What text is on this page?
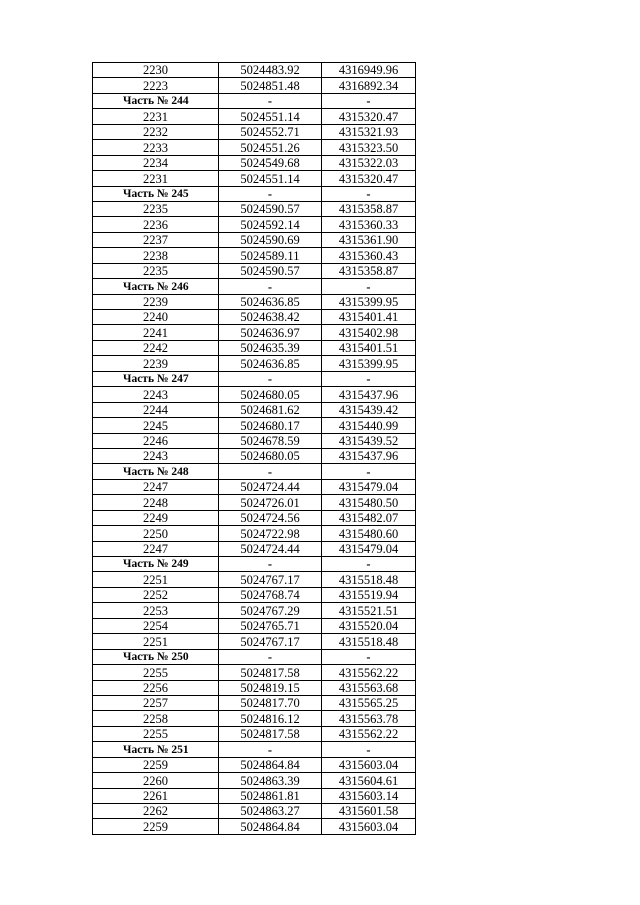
2230	5024483.92	4316949.96
2223	5024851.48	4316892.34
Часть № 244	-	-
2231	5024551.14	4315320.47
2232	5024552.71	4315321.93
2233	5024551.26	4315323.50
2234	5024549.68	4315322.03
2231	5024551.14	4315320.47
Часть № 245	-	-
2235	5024590.57	4315358.87
2236	5024592.14	4315360.33
2237	5024590.69	4315361.90
2238	5024589.11	4315360.43
2235	5024590.57	4315358.87
Часть № 246	-	-
2239	5024636.85	4315399.95
2240	5024638.42	4315401.41
2241	5024636.97	4315402.98
2242	5024635.39	4315401.51
2239	5024636.85	4315399.95
Часть № 247	-	-
2243	5024680.05	4315437.96
2244	5024681.62	4315439.42
2245	5024680.17	4315440.99
2246	5024678.59	4315439.52
2243	5024680.05	4315437.96
Часть № 248	-	-
2247	5024724.44	4315479.04
2248	5024726.01	4315480.50
2249	5024724.56	4315482.07
2250	5024722.98	4315480.60
2247	5024724.44	4315479.04
Часть № 249	-	-
2251	5024767.17	4315518.48
2252	5024768.74	4315519.94
2253	5024767.29	4315521.51
2254	5024765.71	4315520.04
2251	5024767.17	4315518.48
Часть № 250	-	-
2255	5024817.58	4315562.22
2256	5024819.15	4315563.68
2257	5024817.70	4315565.25
2258	5024816.12	4315563.78
2255	5024817.58	4315562.22
Часть № 251	-	-
2259	5024864.84	4315603.04
2260	5024863.39	4315604.61
2261	5024861.81	4315603.14
2262	5024863.27	4315601.58
2259	5024864.84	4315603.04
